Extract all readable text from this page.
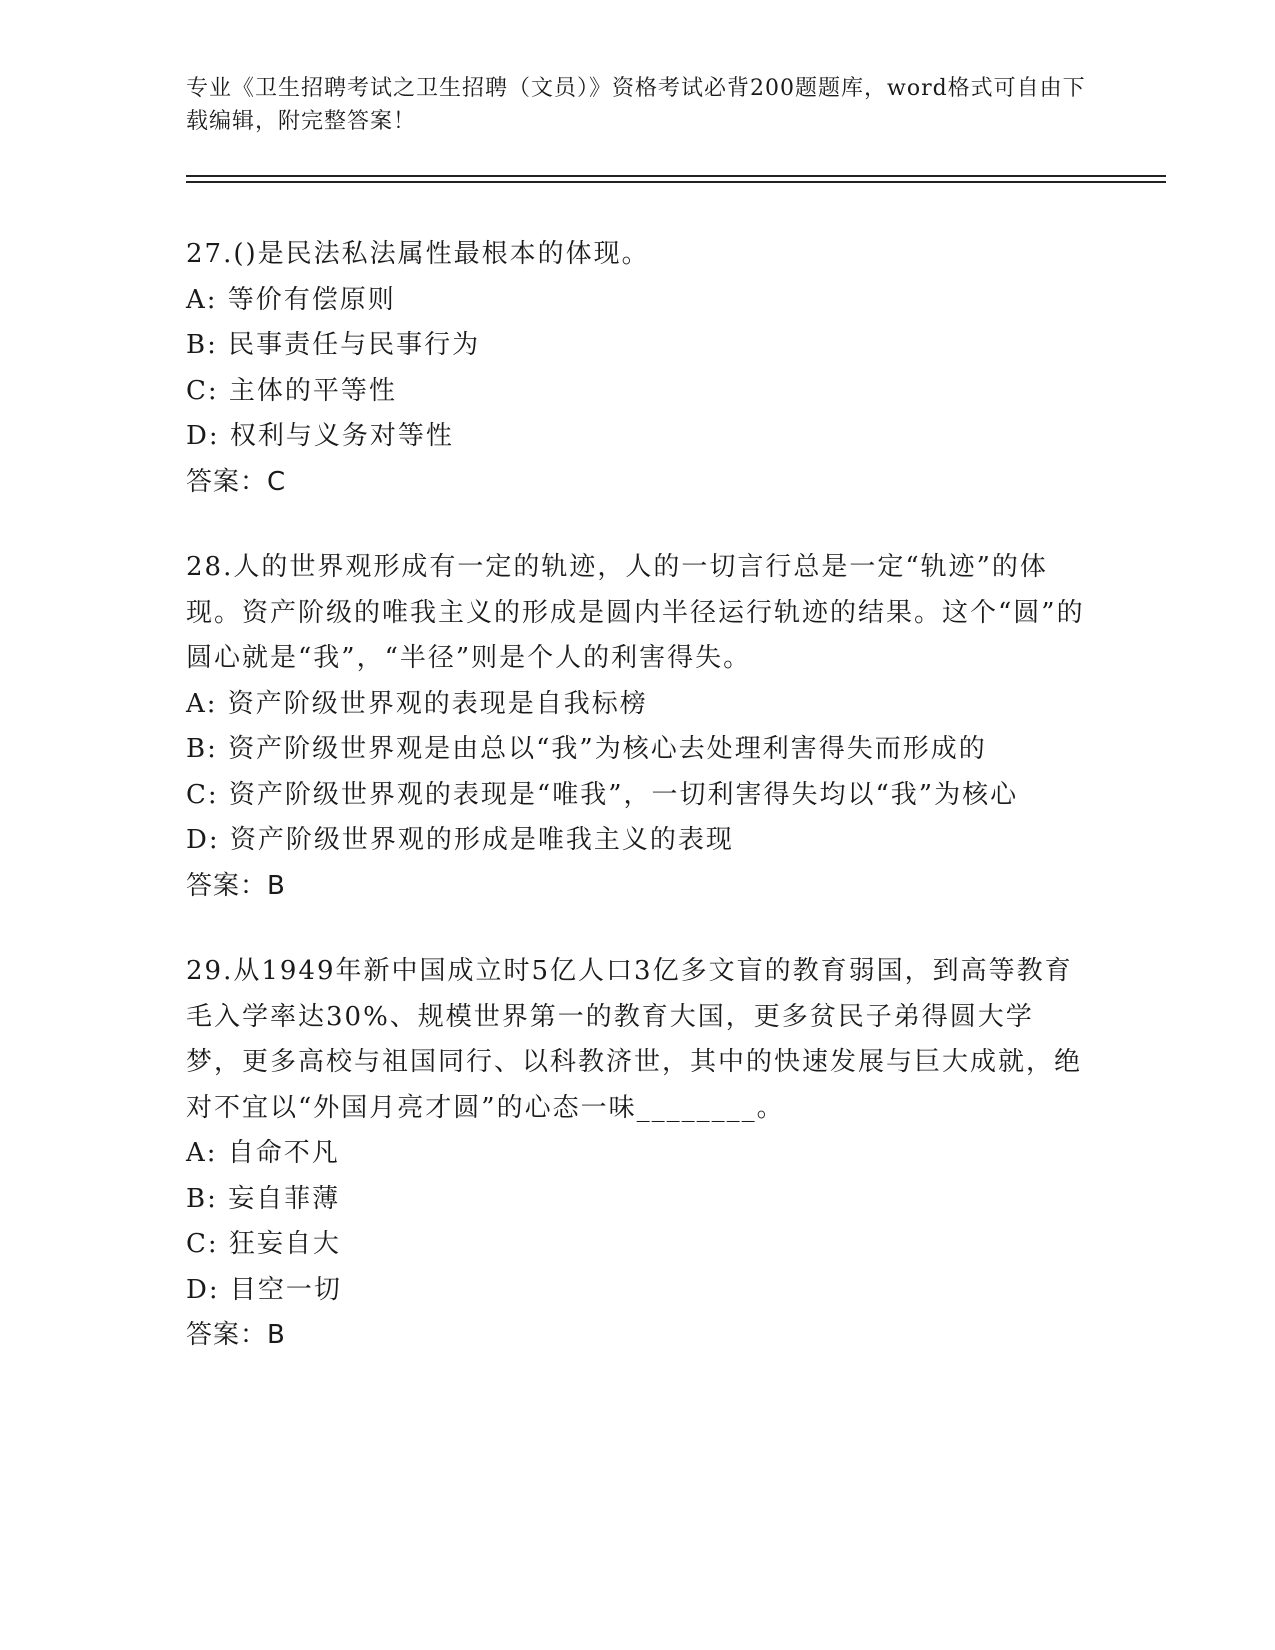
专业《卫生招聘考试之卫生招聘（文员）》资格考试必背200题题库，word格式可自由下载编辑，附完整答案！
27.()是民法私法属性最根本的体现。
A: 等价有偿原则
B: 民事责任与民事行为
C: 主体的平等性
D: 权利与义务对等性
答案：C
28.人的世界观形成有一定的轨迹，人的一切言行总是一定“轨迹”的体现。资产阶级的唯我主义的形成是圆内半径运行轨迹的结果。这个“圆”的圆心就是“我”，“半径”则是个人的利害得失。
A: 资产阶级世界观的表现是自我标榜
B: 资产阶级世界观是由总以“我”为核心去处理利害得失而形成的
C: 资产阶级世界观的表现是“唯我”，一切利害得失均以“我”为核心
D: 资产阶级世界观的形成是唯我主义的表现
答案：B
29.从1949年新中国成立时5亿人口3亿多文盲的教育弱国，到高等教育毛入学率达30%、规模世界第一的教育大国，更多贫民子弟得圆大学梦，更多高校与祖国同行、以科教济世，其中的快速发展与巨大成就，绝对不宜以“外国月亮才圆”的心态一味________。
A: 自命不凡
B: 妄自菲薄
C: 狂妄自大
D: 目空一切
答案：B
